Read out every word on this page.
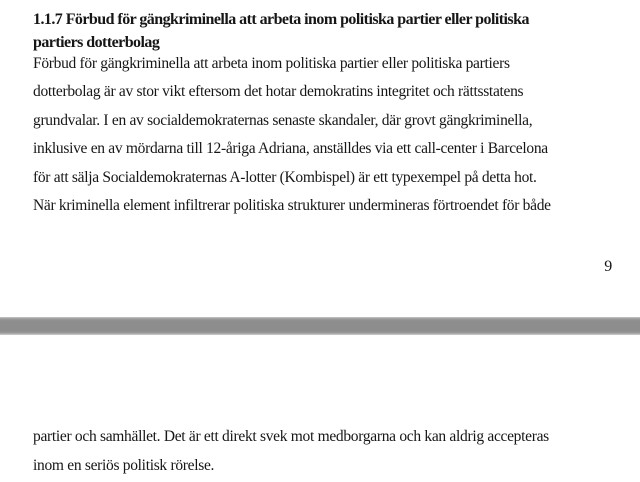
1.1.7 Förbud för gängkriminella att arbeta inom politiska partier eller politiska
partiers dotterbolag
Förbud för gängkriminella att arbeta inom politiska partier eller politiska partiers
dotterbolag är av stor vikt eftersom det hotar demokratins integritet och rättsstatens
grundvalar. I en av socialdemokraternas senaste skandaler, där grovt gängkriminella,
inklusive en av mördarna till 12-åriga Adriana, anställdes via ett call-center i Barcelona
för att sälja Socialdemokraternas A-lotter (Kombispel) är ett typexempel på detta hot.
När kriminella element infiltrerar politiska strukturer undermineras förtroendet för både
9
partier och samhället. Det är ett direkt svek mot medborgarna och kan aldrig accepteras
inom en seriös politisk rörelse.
